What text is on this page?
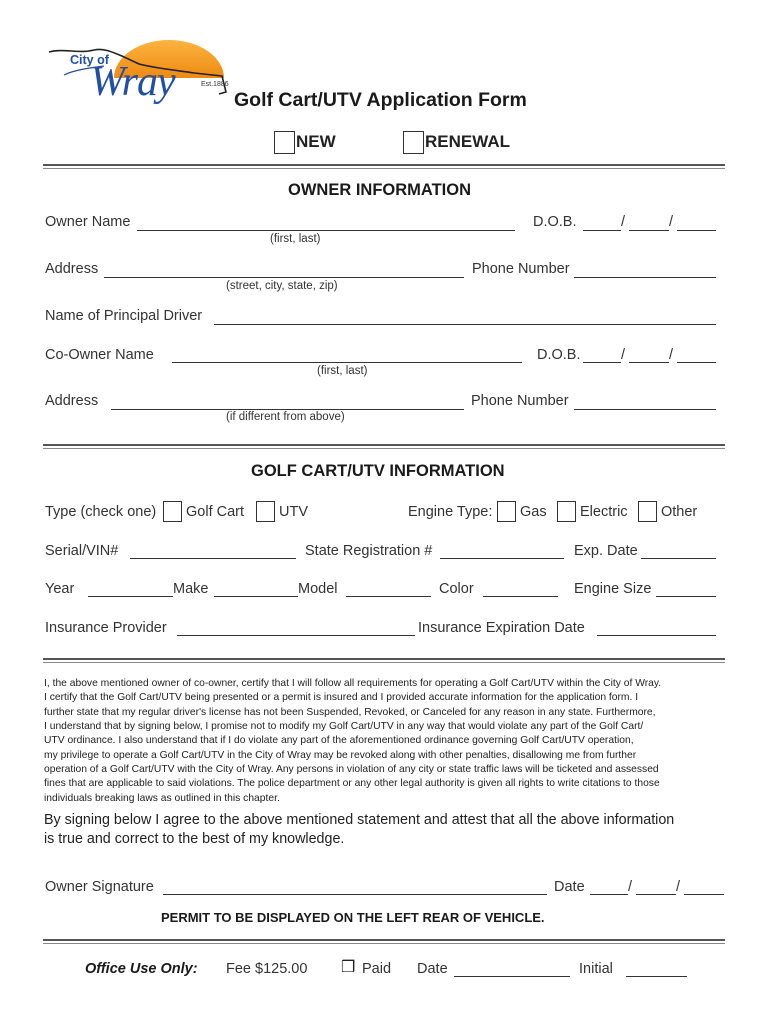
City of
Wray	Est.1886
Golf Cart/UTV Application Form
NEW	RENEWAL
OWNER INFORMATION
Owner Name	D.O.B.	/	/
(first, last)
Address	Phone Number
(street, city, state, zip)
Name of Principal Driver
Co-Owner Name	D.O.B.	/	/
(first, last)
Address	Phone Number
(if different from above)
GOLF CART/UTV INFORMATION
Type (check one) Golf Cart UTV	Engine Type: Gas Electric Other
Serial/VIN#	State Registration #	Exp. Date
Year	Make	Model	Color	Engine Size
Insurance Provider	Insurance Expiration Date
I, the above mentioned owner of co-owner, certify that I will follow all requirements for operating a Golf Cart/UTV within the City of Wray.
I certify that the Golf Cart/UTV being presented or a permit is insured and I provided accurate information for the application form. I
further state that my regular driver's license has not been Suspended, Revoked, or Canceled for any reason in any state. Furthermore,
I understand that by signing below, I promise not to modify my Golf Cart/UTV in any way that would violate any part of the Golf Cart/
UTV ordinance. I also understand that if I do violate any part of the aforementioned ordinance governing Golf Cart/UTV operation,
my privilege to operate a Golf Cart/UTV in the City of Wray may be revoked along with other penalties, disallowing me from further
operation of a Golf Cart/UTV with the City of Wray. Any persons in violation of any city or state traffic laws will be ticketed and assessed
fines that are applicable to said violations. The police department or any other legal authority is given all rights to write citations to those
individuals breaking laws as outlined in this chapter.
By signing below I agree to the above mentioned statement and attest that all the above information
is true and correct to the best of my knowledge.
Owner Signature	Date	/	/
PERMIT TO BE DISPLAYED ON THE LEFT REAR OF VEHICLE.
Office Use Only: Fee $125.00 ❒ Paid Date	Initial
